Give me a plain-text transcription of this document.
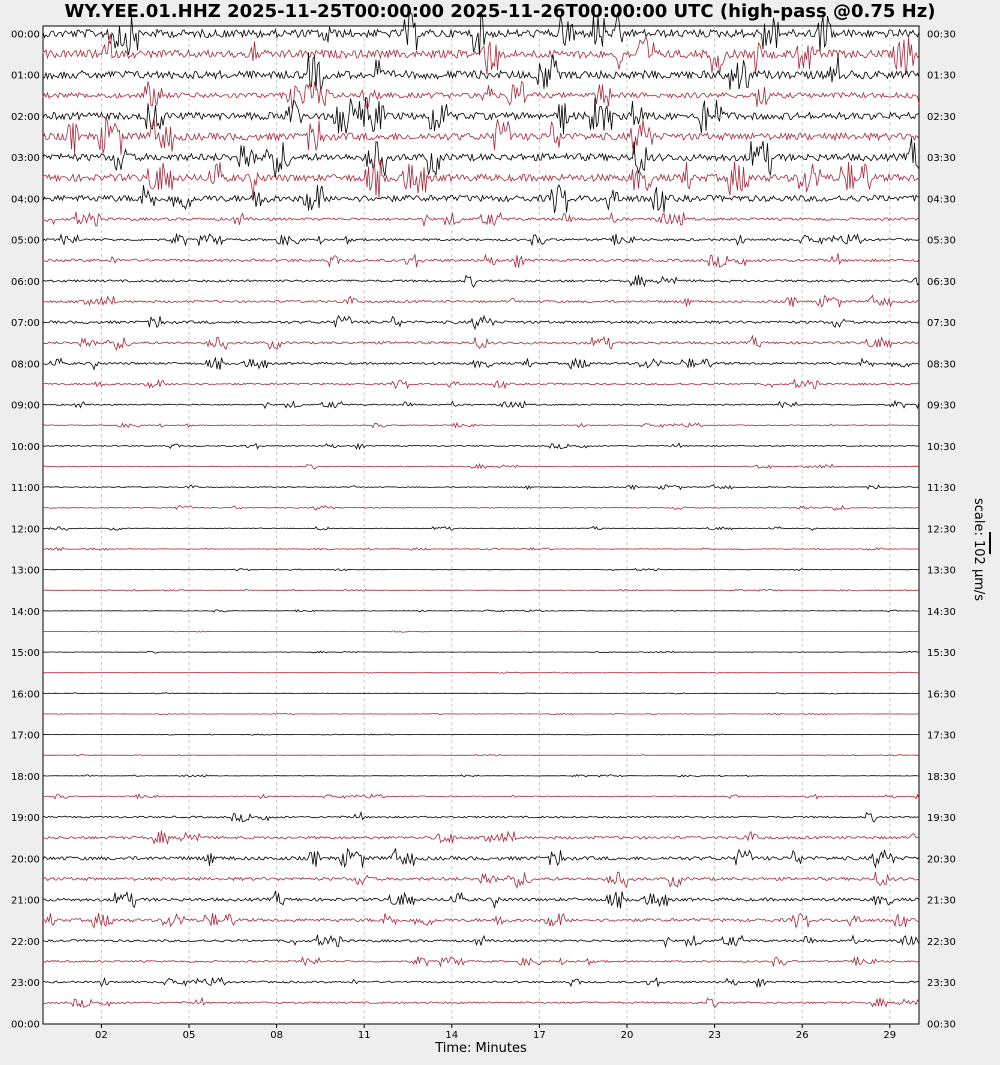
WY.YEE.01.HHZ 2025-11-25T00:00:00 2025-11-26T00:00:00 UTC (high-pass @0.75 Hz)
00:00
01:00
02:00
03:00
04:00
05:00
06:00
07:00
08:00
09:00
10:00
11:00
12:00
13:00
14:00
15:00
16:00
17:00
18:00
19:00
20:00
21:00
22:00
23:00
00:00
00:30
01:30
02:30
03:30
04:30
05:30
06:30
07:30
08:30
09:30
10:30
11:30
12:30
13:30
14:30
15:30
16:30
17:30
18:30
19:30
20:30
21:30
22:30
23:30
00:30
02	05	08	11	14	17	20	23	26	29
Time: Minutes
scale: 102 µm/s
